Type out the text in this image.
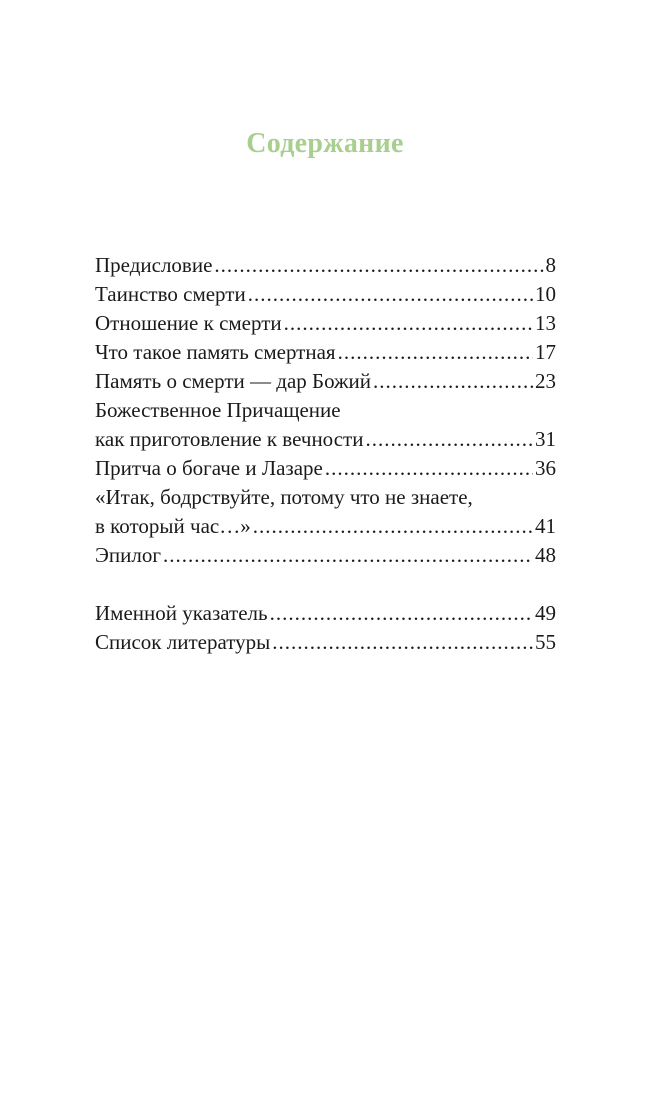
Содержание
Предисловие .....	8
Таинство смерти .....	10
Отношение к смерти .....	13
Что такое память смертная .....	17
Память о смерти — дар Божий .....	23
Божественное Причащение
как приготовление к вечности .....	31
Притча о богаче и Лазаре .....	36
«Итак, бодрствуйте, потому что не знаете,
в который час…» .....	41
Эпилог .....	48
Именной указатель .....	49
Список литературы .....	55
